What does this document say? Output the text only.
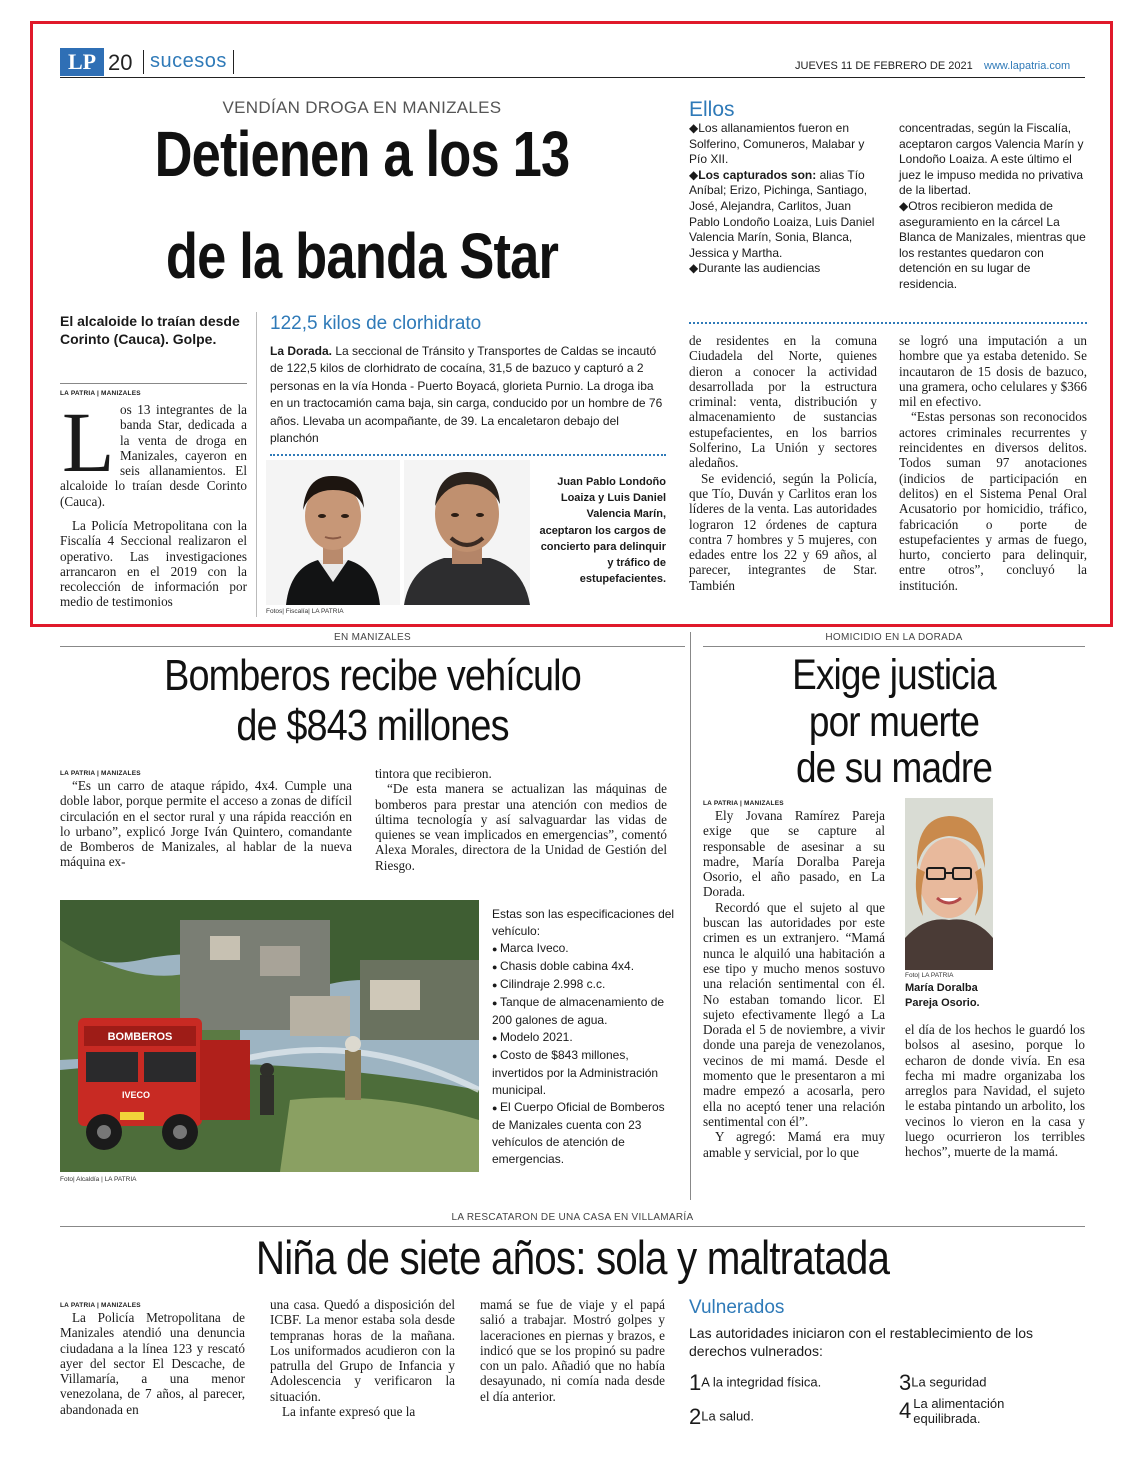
LP 20 sucesos	JUEVES 11 DE FEBRERO DE 2021 www.lapatria.com
VENDÍAN DROGA EN MANIZALES
Detienen a los 13
de la banda Star
El alcaloide lo traían desde Corinto (Cauca). Golpe.
LA PATRIA | MANIZALES
L os 13 integrantes de la banda Star, dedicada a la venta de droga en Manizales, cayeron en seis allanamientos. El alcaloide lo traían desde Corinto (Cauca).
La Policía Metropolitana con la Fiscalía 4 Seccional realizaron el operativo. Las investigaciones arrancaron en el 2019 con la recolección de información por medio de testimonios
122,5 kilos de clorhidrato
La Dorada. La seccional de Tránsito y Transportes de Caldas se incautó de 122,5 kilos de clorhidrato de cocaína, 31,5 de bazuco y capturó a 2 personas en la vía Honda - Puerto Boyacá, glorieta Purnio. La droga iba en un tractocamión cama baja, sin carga, conducido por un hombre de 76 años. Llevaba un acompañante, de 39. La encaletaron debajo del planchón
Juan Pablo Londoño Loaiza y Luis Daniel Valencia Marín, aceptaron los cargos de concierto para delinquir y tráfico de estupefacientes.
Fotos| Fiscalía| LA PATRIA
Ellos
◆Los allanamientos fueron en Solferino, Comuneros, Malabar y Pío XII.
◆Los capturados son: alias Tío Aníbal; Erizo, Pichinga, Santiago, José, Alejandra, Carlitos, Juan Pablo Londoño Loaiza, Luis Daniel Valencia Marín, Sonia, Blanca, Jessica y Martha.
◆Durante las audiencias
concentradas, según la Fiscalía, aceptaron cargos Valencia Marín y Londoño Loaiza. A este último el juez le impuso medida no privativa de la libertad.
◆Otros recibieron medida de aseguramiento en la cárcel La Blanca de Manizales, mientras que los restantes quedaron con detención en su lugar de residencia.
de residentes en la comuna Ciudadela del Norte, quienes dieron a conocer la actividad desarrollada por la estructura criminal: venta, distribución y almacenamiento de sustancias estupefacientes, en los barrios Solferino, La Unión y sectores aledaños.
Se evidenció, según la Policía, que Tío, Duván y Carlitos eran los líderes de la venta. Las autoridades lograron 12 órdenes de captura contra 7 hombres y 5 mujeres, con edades entre los 22 y 69 años, al parecer, integrantes de Star. También
se logró una imputación a un hombre que ya estaba detenido. Se incautaron de 15 dosis de bazuco, una gramera, ocho celulares y $366 mil en efectivo.
“Estas personas son reconocidos actores criminales recurrentes y reincidentes en diversos delitos. Todos suman 97 anotaciones (indicios de participación en delitos) en el Sistema Penal Oral Acusatorio por homicidio, tráfico, fabricación o porte de estupefacientes y armas de fuego, hurto, concierto para delinquir, entre otros”, concluyó la institución.
EN MANIZALES
Bomberos recibe vehículo
de $843 millones
LA PATRIA | MANIZALES
“Es un carro de ataque rápido, 4x4. Cumple una doble labor, porque permite el acceso a zonas de difícil circulación en el sector rural y una rápida reacción en lo urbano”, explicó Jorge Iván Quintero, comandante de Bomberos de Manizales, al hablar de la nueva máquina ex-
tintora que recibieron.
“De esta manera se actualizan las máquinas de bomberos para prestar una atención con medios de última tecnología y así salvaguardar las vidas de quienes se vean implicados en emergencias”, comentó Alexa Morales, directora de la Unidad de Gestión del Riesgo.
BOMBEROS
IVECO
Foto| Alcaldía | LA PATRIA
Estas son las especificaciones del vehículo:
● Marca Iveco.
● Chasis doble cabina 4x4.
● Cilindraje 2.998 c.c.
● Tanque de almacenamiento de 200 galones de agua.
● Modelo 2021.
● Costo de $843 millones, invertidos por la Administración municipal.
● El Cuerpo Oficial de Bomberos de Manizales cuenta con 23 vehículos de atención de emergencias.
HOMICIDIO EN LA DORADA
Exige justicia
por muerte
de su madre
LA PATRIA | MANIZALES
Ely Jovana Ramírez Pareja exige que se capture al responsable de asesinar a su madre, María Doralba Pareja Osorio, el año pasado, en La Dorada.
Recordó que el sujeto al que buscan las autoridades por este crimen es un extranjero. “Mamá nunca le alquiló una habitación a ese tipo y mucho menos sostuvo una relación sentimental con él. No estaban tomando licor. El sujeto efectivamente llegó a La Dorada el 5 de noviembre, a vivir donde una pareja de venezolanos, vecinos de mi mamá. Desde el momento que le presentaron a mi madre empezó a acosarla, pero ella no aceptó tener una relación sentimental con él”.
Y agregó: Mamá era muy amable y servicial, por lo que
Foto| LA PATRIA
María Doralba Pareja Osorio.
el día de los hechos le guardó los bolsos al asesino, porque lo echaron de donde vivía. En esa fecha mi madre organizaba los arreglos para Navidad, el sujeto le estaba pintando un arbolito, los vecinos lo vieron en la casa y luego ocurrieron los terribles hechos”, muerte de la mamá.
LA RESCATARON DE UNA CASA EN VILLAMARÍA
Niña de siete años: sola y maltratada
LA PATRIA | MANIZALES
La Policía Metropolitana de Manizales atendió una denuncia ciudadana a la línea 123 y rescató ayer del sector El Descache, de Villamaría, a una menor venezolana, de 7 años, al parecer, abandonada en
una casa. Quedó a disposición del ICBF. La menor estaba sola desde tempranas horas de la mañana. Los uniformados acudieron con la patrulla del Grupo de Infancia y Adolescencia y verificaron la situación.
La infante expresó que la
mamá se fue de viaje y el papá salió a trabajar. Mostró golpes y laceraciones en piernas y brazos, e indicó que se los propinó su padre con un palo. Añadió que no había desayunado, ni comía nada desde el día anterior.
Vulnerados
Las autoridades iniciaron con el restablecimiento de los derechos vulnerados:
1A la integridad física.
2La salud.
3La seguridad
4 La alimentación equilibrada.
